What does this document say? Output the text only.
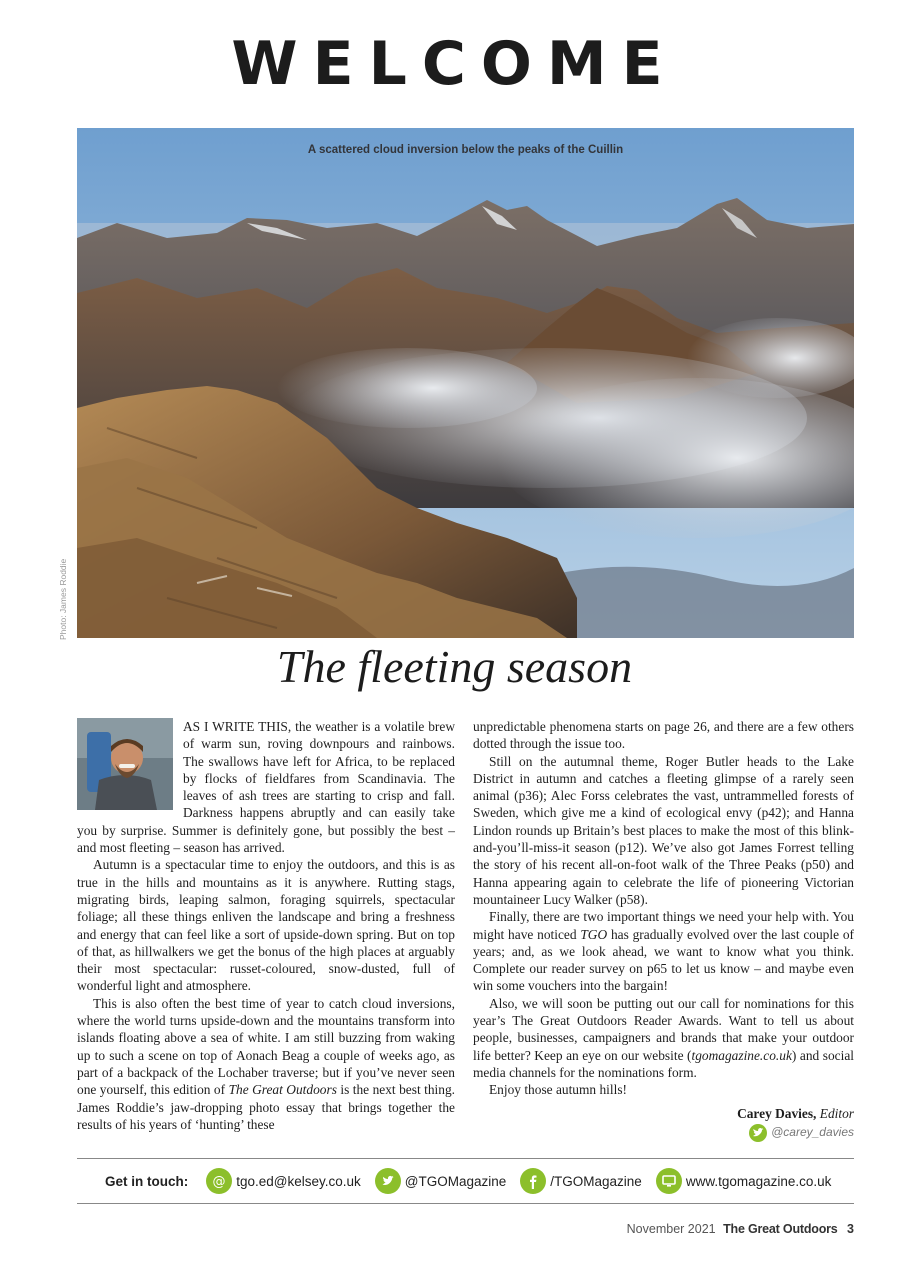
WELCOME
A scattered cloud inversion below the peaks of the Cuillin
Photo: James Roddie
The fleeting season

AS I WRITE THIS, the weather is a volatile brew of warm sun, roving downpours and rainbows. The swallows have left for Africa, to be replaced by flocks of fieldfares from Scandinavia. The leaves of ash trees are starting to crisp and fall. Darkness happens abruptly and can easily take you by surprise. Summer is definitely gone, but possibly the best – and most fleeting – season has arrived.

Autumn is a spectacular time to enjoy the outdoors, and this is as true in the hills and mountains as it is anywhere. Rutting stags, migrating birds, leaping salmon, foraging squirrels, spectacular foliage; all these things enliven the landscape and bring a freshness and energy that can feel like a sort of upside-down spring. But on top of that, as hillwalkers we get the bonus of the high places at arguably their most spectacular: russet-coloured, snow-dusted, full of wonderful light and atmosphere.

This is also often the best time of year to catch cloud inversions, where the world turns upside-down and the mountains transform into islands floating above a sea of white. I am still buzzing from waking up to such a scene on top of Aonach Beag a couple of weeks ago, as part of a backpack of the Lochaber traverse; but if you’ve never seen one yourself, this edition of The Great Outdoors is the next best thing. James Roddie’s jaw-dropping photo essay that brings together the results of his years of ‘hunting’ these

unpredictable phenomena starts on page 26, and there are a few others dotted through the issue too.

Still on the autumnal theme, Roger Butler heads to the Lake District in autumn and catches a fleeting glimpse of a rarely seen animal (p36); Alec Forss celebrates the vast, untrammelled forests of Sweden, which give me a kind of ecological envy (p42); and Hanna Lindon rounds up Britain’s best places to make the most of this blink-and-you’ll-miss-it season (p12). We’ve also got James Forrest telling the story of his recent all-on-foot walk of the Three Peaks (p50) and Hanna appearing again to celebrate the life of pioneering Victorian mountaineer Lucy Walker (p58).

Finally, there are two important things we need your help with. You might have noticed TGO has gradually evolved over the last couple of years; and, as we look ahead, we want to know what you think. Complete our reader survey on p65 to let us know – and maybe even win some vouchers into the bargain!

Also, we will soon be putting out our call for nominations for this year’s The Great Outdoors Reader Awards. Want to tell us about people, businesses, campaigners and brands that make your outdoor life better? Keep an eye on our website (tgomagazine.co.uk) and social media channels for the nominations form.

Enjoy those autumn hills!

Carey Davies, Editor
@carey_davies
Get in touch: @ tgo.ed@kelsey.co.uk	@TGOMagazine	/TGOMagazine	www.tgomagazine.co.uk
November 2021 The Great Outdoors 3
